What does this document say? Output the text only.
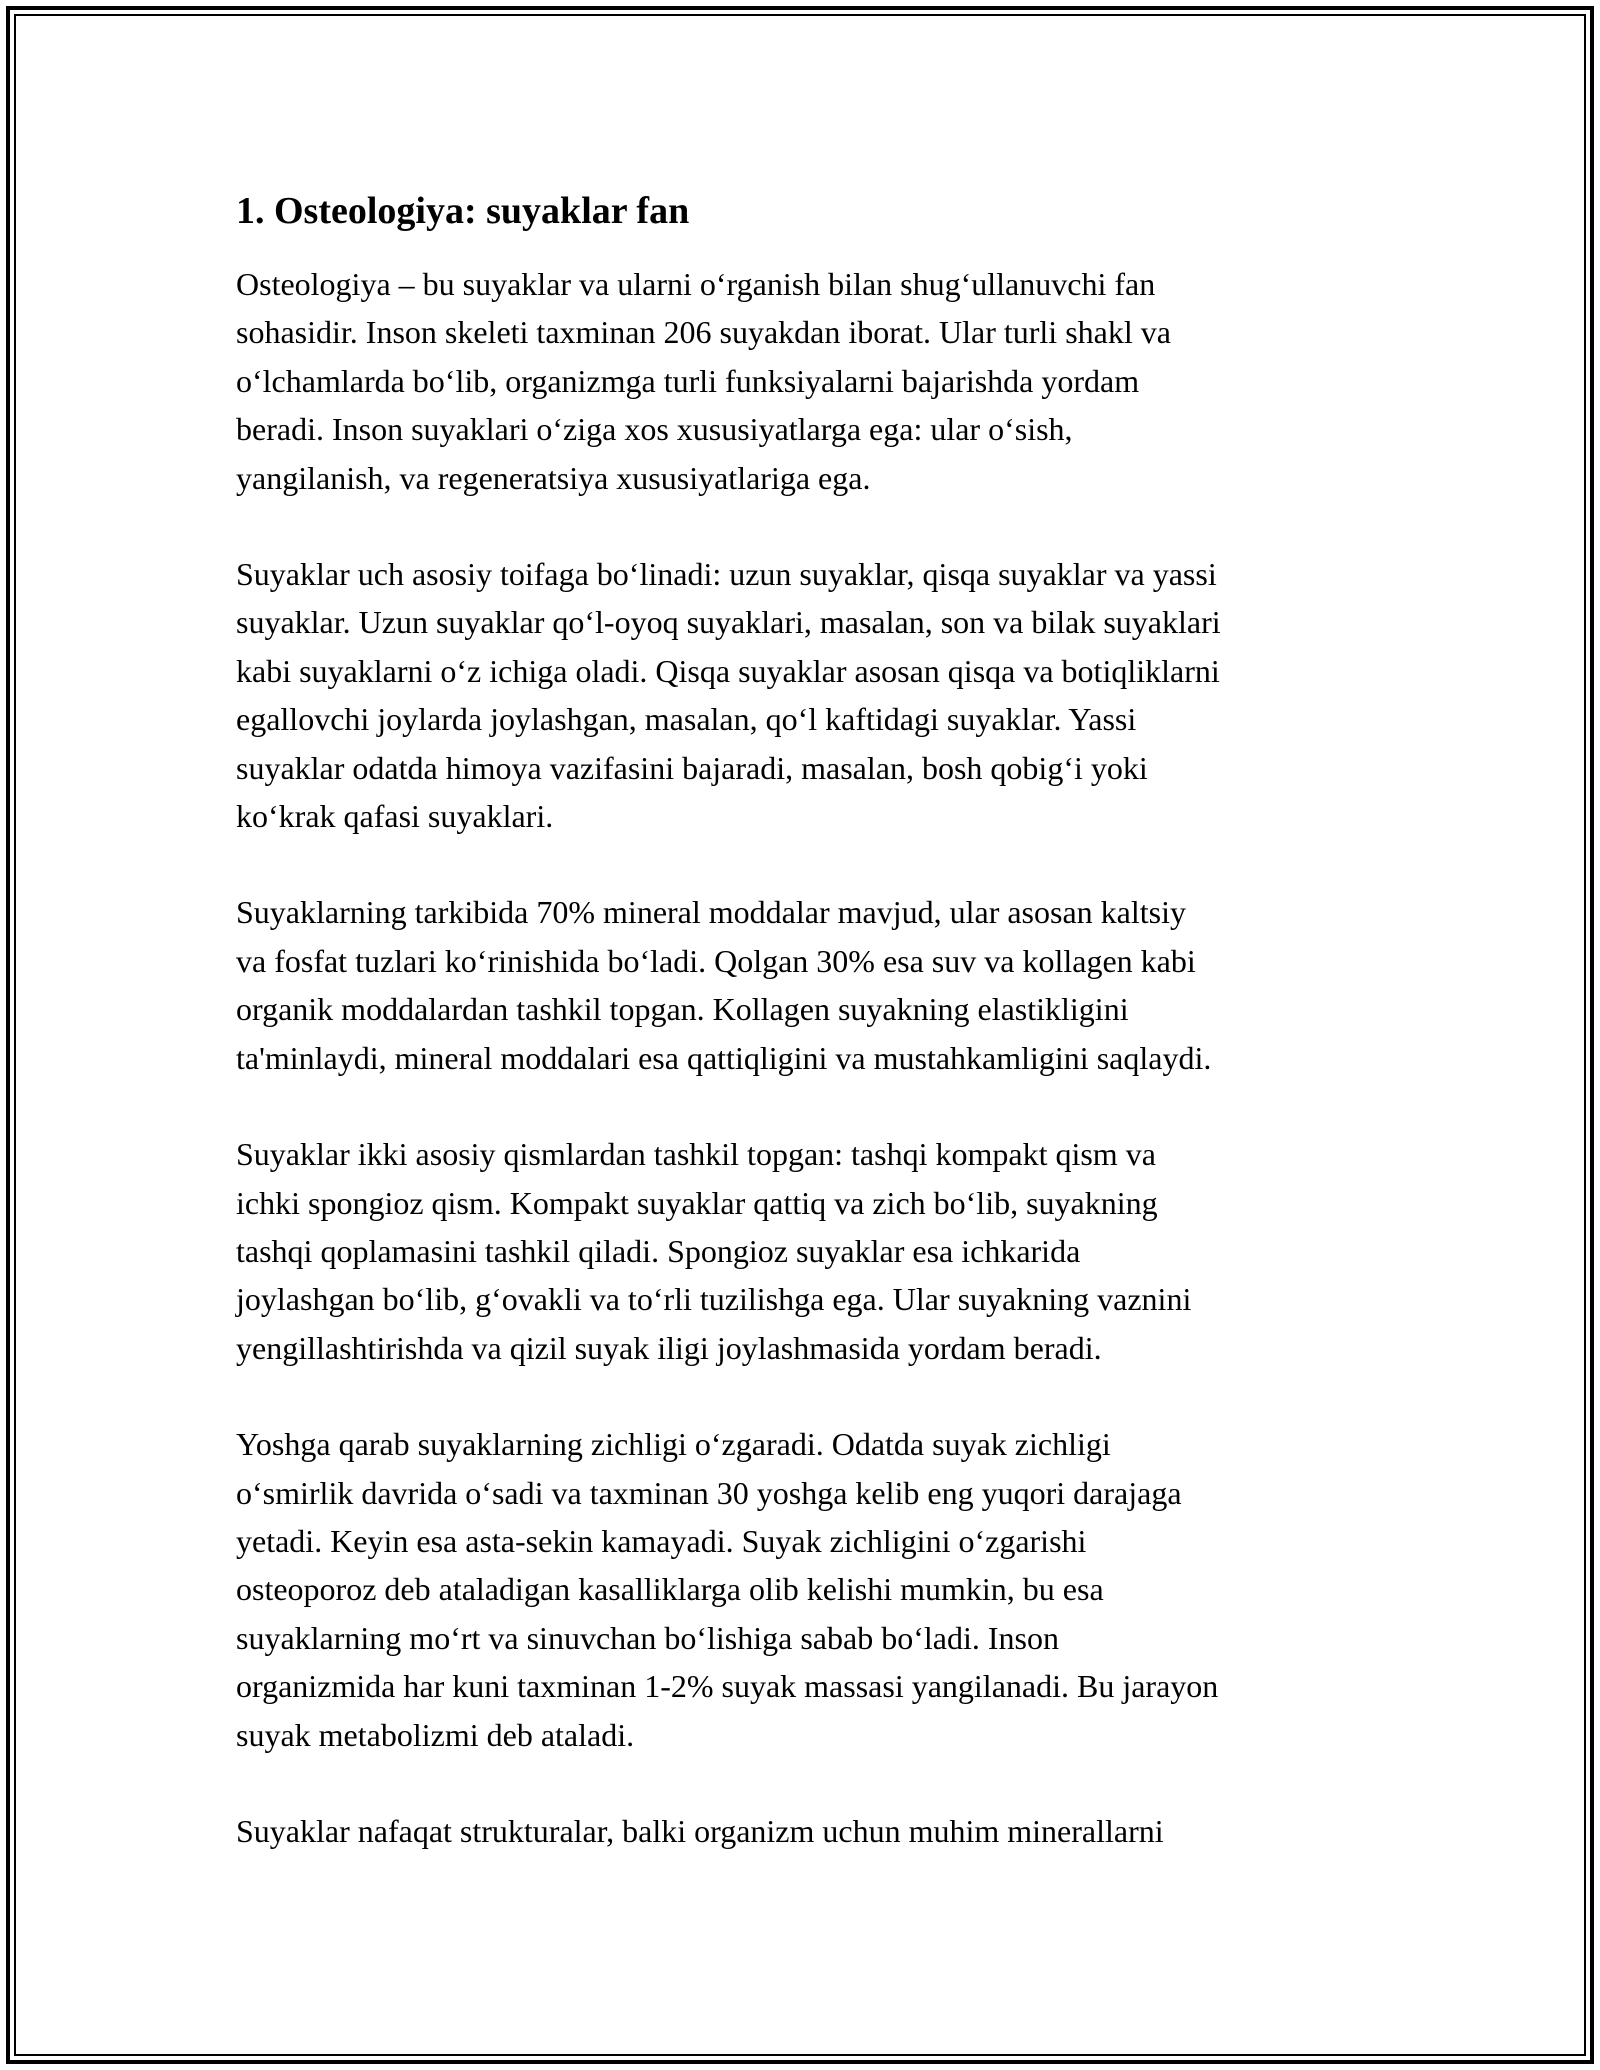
1. Osteologiya: suyaklar fan

Osteologiya – bu suyaklar va ularni o‘rganish bilan shug‘ullanuvchi fan
sohasidir. Inson skeleti taxminan 206 suyakdan iborat. Ular turli shakl va
o‘lchamlarda bo‘lib, organizmga turli funksiyalarni bajarishda yordam
beradi. Inson suyaklari o‘ziga xos xususiyatlarga ega: ular o‘sish,
yangilanish, va regeneratsiya xususiyatlariga ega.

Suyaklar uch asosiy toifaga bo‘linadi: uzun suyaklar, qisqa suyaklar va yassi
suyaklar. Uzun suyaklar qo‘l-oyoq suyaklari, masalan, son va bilak suyaklari
kabi suyaklarni o‘z ichiga oladi. Qisqa suyaklar asosan qisqa va botiqliklarni
egallovchi joylarda joylashgan, masalan, qo‘l kaftidagi suyaklar. Yassi
suyaklar odatda himoya vazifasini bajaradi, masalan, bosh qobig‘i yoki
ko‘krak qafasi suyaklari.

Suyaklarning tarkibida 70% mineral moddalar mavjud, ular asosan kaltsiy
va fosfat tuzlari ko‘rinishida bo‘ladi. Qolgan 30% esa suv va kollagen kabi
organik moddalardan tashkil topgan. Kollagen suyakning elastikligini
ta'minlaydi, mineral moddalari esa qattiqligini va mustahkamligini saqlaydi.

Suyaklar ikki asosiy qismlardan tashkil topgan: tashqi kompakt qism va
ichki spongioz qism. Kompakt suyaklar qattiq va zich bo‘lib, suyakning
tashqi qoplamasini tashkil qiladi. Spongioz suyaklar esa ichkarida
joylashgan bo‘lib, g‘ovakli va to‘rli tuzilishga ega. Ular suyakning vaznini
yengillashtirishda va qizil suyak iligi joylashmasida yordam beradi.

Yoshga qarab suyaklarning zichligi o‘zgaradi. Odatda suyak zichligi
o‘smirlik davrida o‘sadi va taxminan 30 yoshga kelib eng yuqori darajaga
yetadi. Keyin esa asta-sekin kamayadi. Suyak zichligini o‘zgarishi
osteoporoz deb ataladigan kasalliklarga olib kelishi mumkin, bu esa
suyaklarning mo‘rt va sinuvchan bo‘lishiga sabab bo‘ladi. Inson
organizmida har kuni taxminan 1-2% suyak massasi yangilanadi. Bu jarayon
suyak metabolizmi deb ataladi.

Suyaklar nafaqat strukturalar, balki organizm uchun muhim minerallarni
